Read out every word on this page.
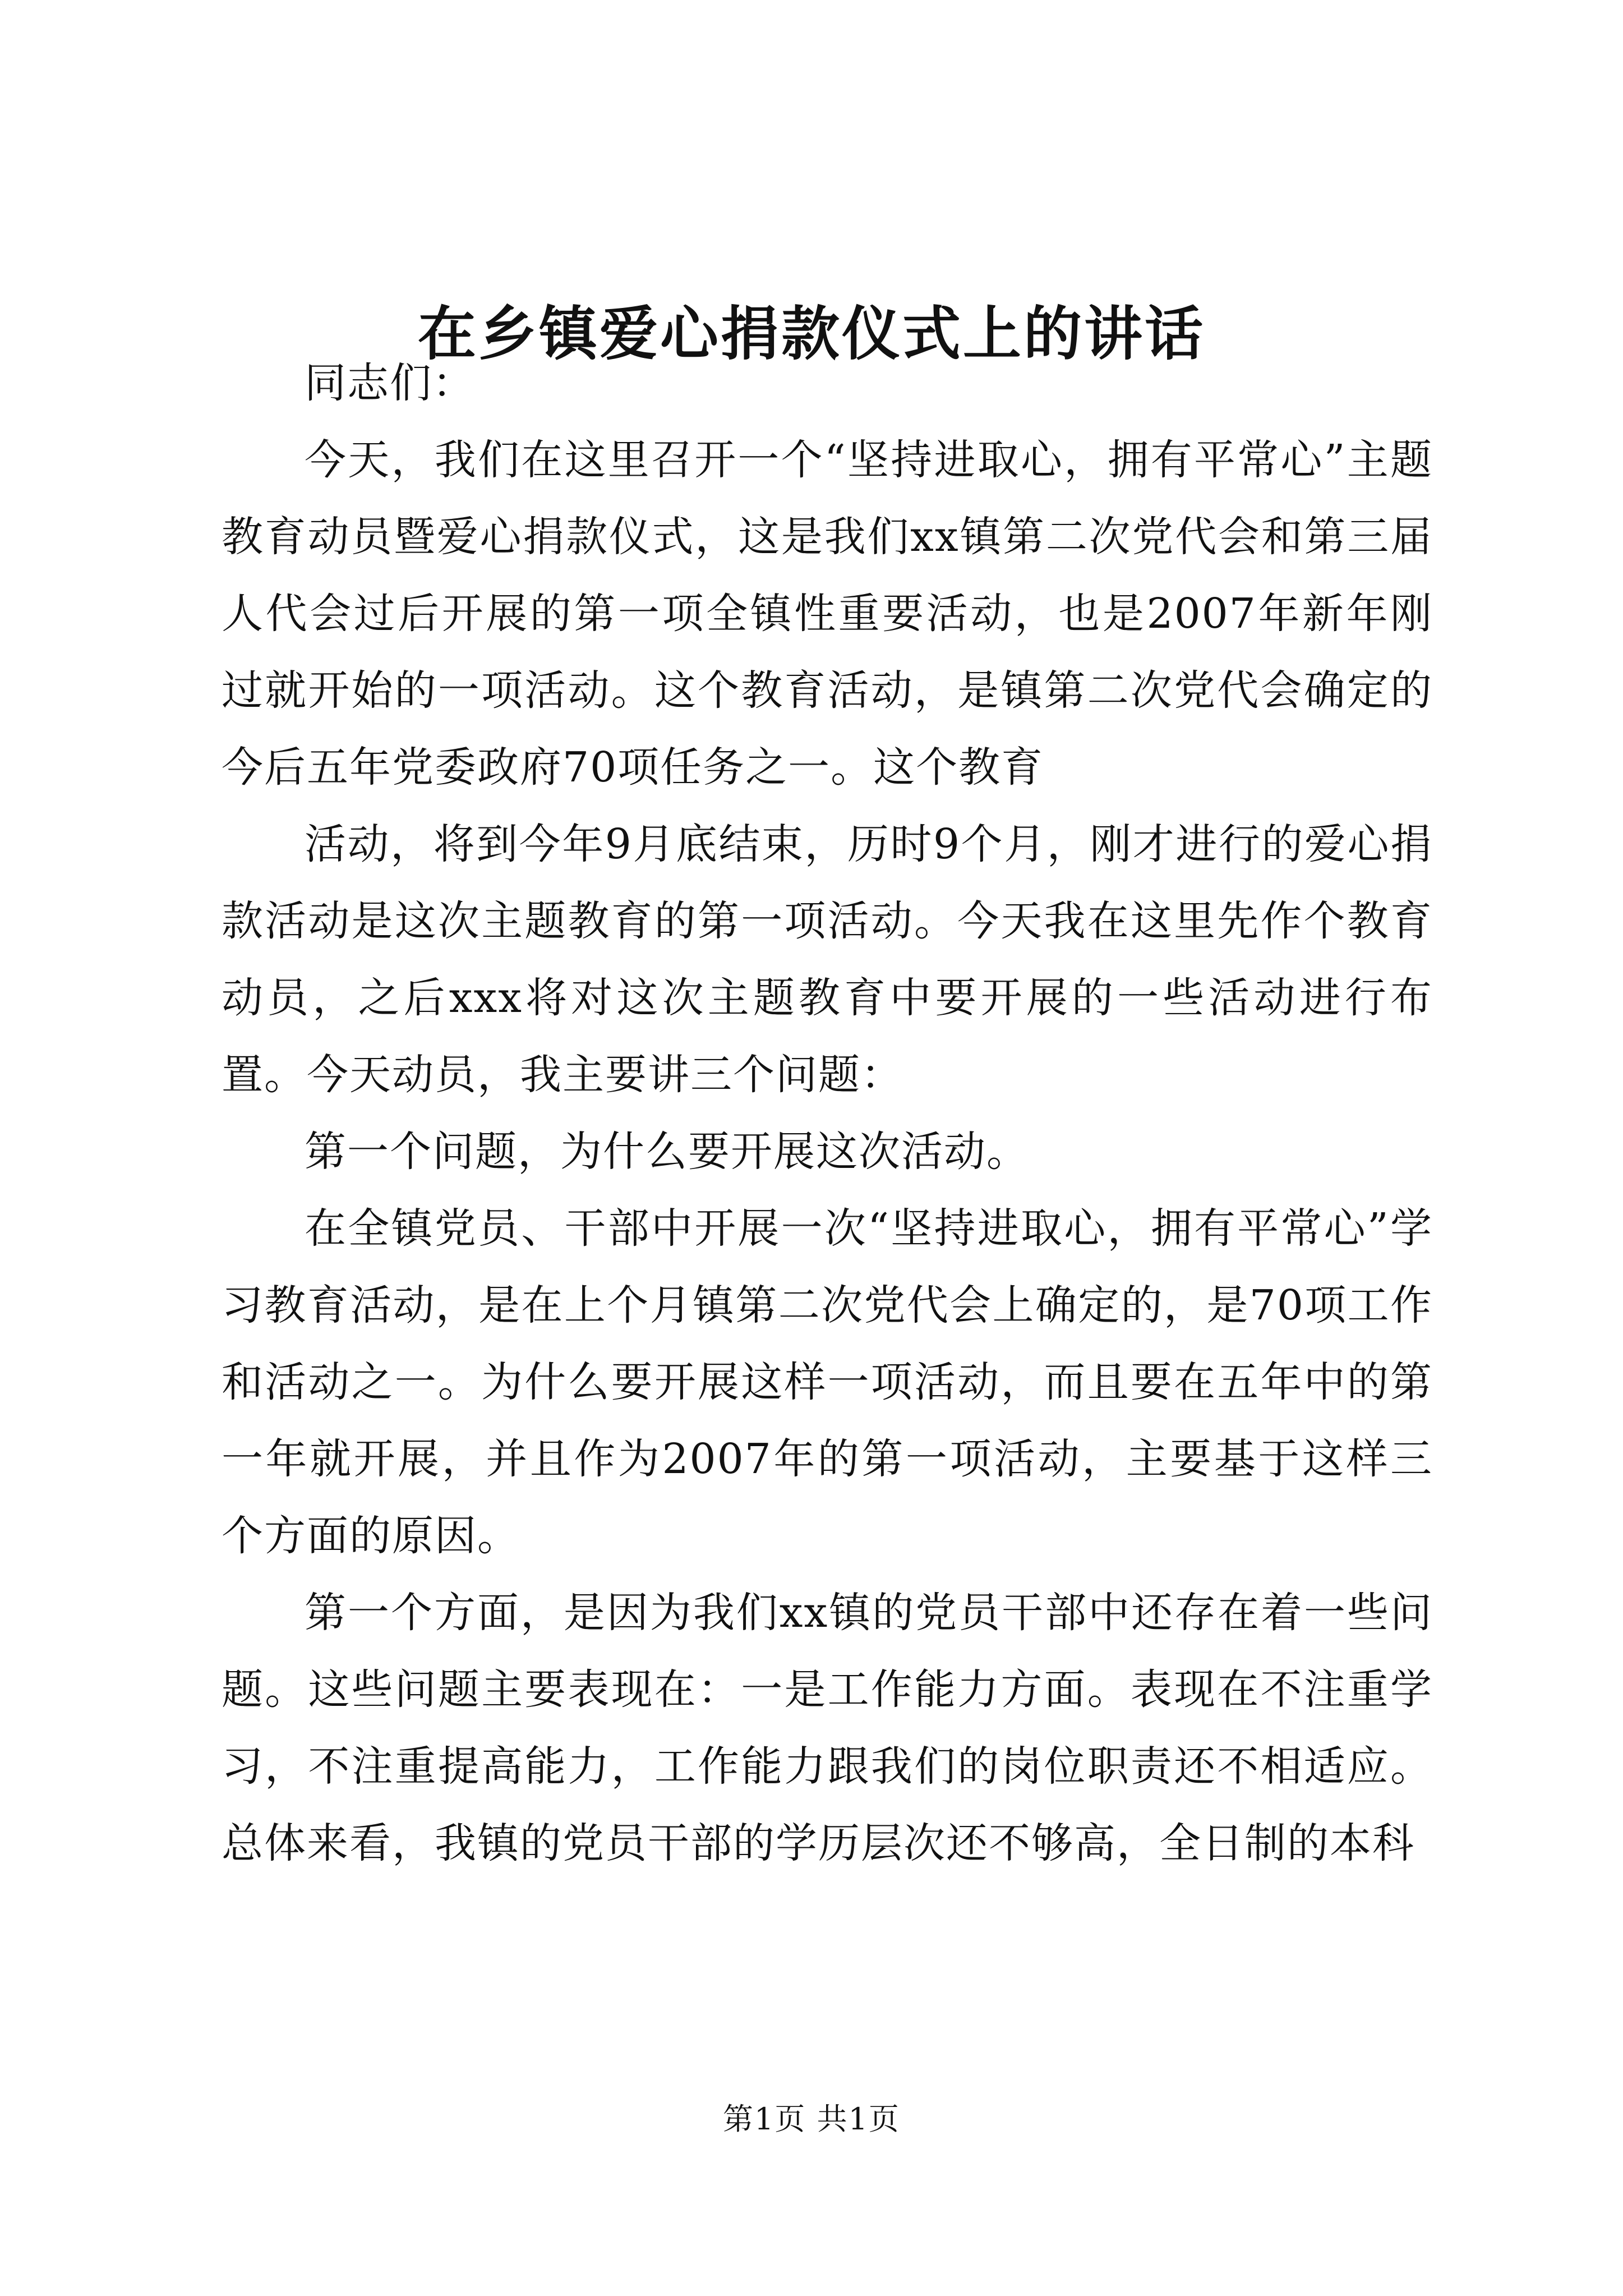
在乡镇爱心捐款仪式上的讲话

同志们：

今天，我们在这里召开一个“坚持进取心，拥有平常心”主题教育动员暨爱心捐款仪式，这是我们xx镇第二次党代会和第三届人代会过后开展的第一项全镇性重要活动，也是2007年新年刚过就开始的一项活动。这个教育活动，是镇第二次党代会确定的今后五年党委政府70项任务之一。这个教育

活动，将到今年9月底结束，历时9个月，刚才进行的爱心捐款活动是这次主题教育的第一项活动。今天我在这里先作个教育动员，之后xxx将对这次主题教育中要开展的一些活动进行布置。今天动员，我主要讲三个问题：

第一个问题，为什么要开展这次活动。

在全镇党员、干部中开展一次“坚持进取心，拥有平常心”学习教育活动，是在上个月镇第二次党代会上确定的，是70项工作和活动之一。为什么要开展这样一项活动，而且要在五年中的第一年就开展，并且作为2007年的第一项活动，主要基于这样三个方面的原因。

第一个方面，是因为我们xx镇的党员干部中还存在着一些问题。这些问题主要表现在：一是工作能力方面。表现在不注重学习，不注重提高能力，工作能力跟我们的岗位职责还不相适应。总体来看，我镇的党员干部的学历层次还不够高，全日制的本科

第1页 共1页
